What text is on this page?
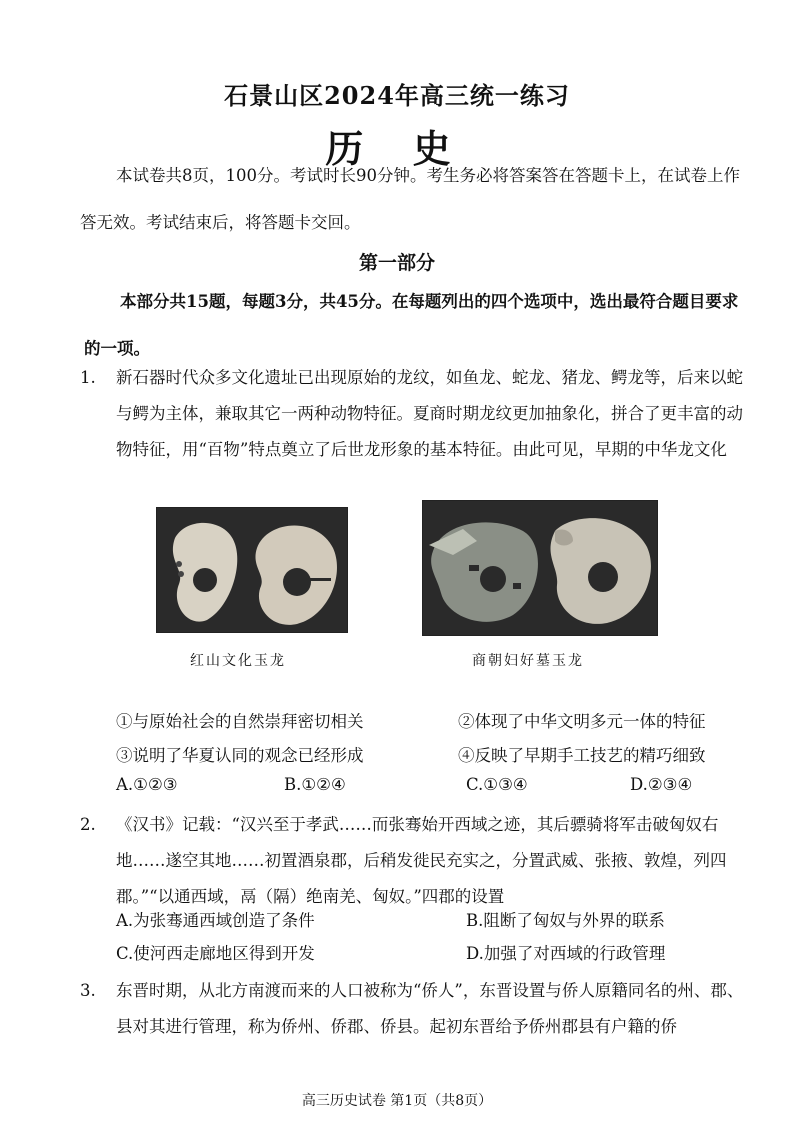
石景山区2024年高三统一练习
历 史
本试卷共8页，100分。考试时长90分钟。考生务必将答案答在答题卡上，在试卷上作答无效。考试结束后，将答题卡交回。
第一部分
本部分共15题，每题3分，共45分。在每题列出的四个选项中，选出最符合题目要求的一项。
1. 新石器时代众多文化遗址已出现原始的龙纹，如鱼龙、蛇龙、猪龙、鳄龙等，后来以蛇与鳄为主体，兼取其它一两种动物特征。夏商时期龙纹更加抽象化，拼合了更丰富的动物特征，用“百物”特点奠立了后世龙形象的基本特征。由此可见，早期的中华龙文化
红山文化玉龙	商朝妇好墓玉龙
①与原始社会的自然崇拜密切相关	②体现了中华文明多元一体的特征
③说明了华夏认同的观念已经形成	④反映了早期手工技艺的精巧细致
A.①②③	B.①②④	C.①③④	D.②③④
2. 《汉书》记载：“汉兴至于孝武……而张骞始开西域之迹，其后骠骑将军击破匈奴右地……遂空其地……初置酒泉郡，后稍发徙民充实之，分置武威、张掖、敦煌，列四郡。”“以通西域，鬲（隔）绝南羌、匈奴。”四郡的设置
A.为张骞通西域创造了条件	B.阻断了匈奴与外界的联系
C.使河西走廊地区得到开发	D.加强了对西域的行政管理
3. 东晋时期，从北方南渡而来的人口被称为“侨人”，东晋设置与侨人原籍同名的州、郡、县对其进行管理，称为侨州、侨郡、侨县。起初东晋给予侨州郡县有户籍的侨
高三历史试卷 第1页（共8页）
